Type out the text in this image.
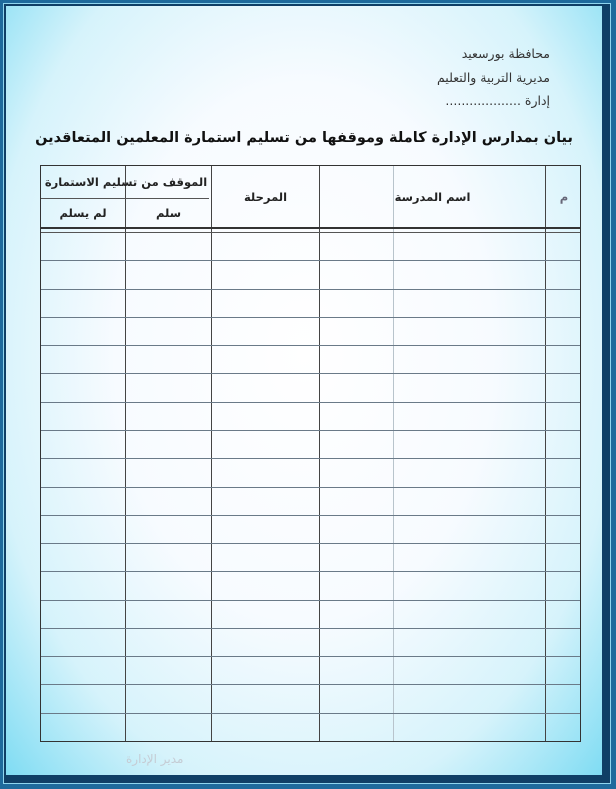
محافظة بورسعيد
مديرية التربية والتعليم
إدارة ...................
بيان بمدارس الإدارة كاملة وموقفها من تسليم استمارة المعلمين المتعاقدين
الموقف من تسليم الاستمارة
لم يسلم	سلم
المرحلة	اسم المدرسة	م
مدير الإدارة
